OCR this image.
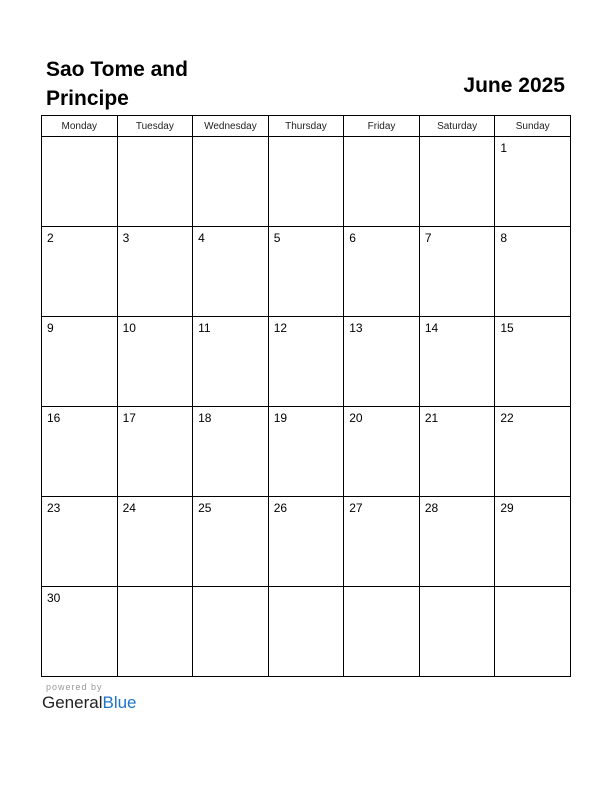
Sao Tome and Principe
June 2025
Monday	Tuesday	Wednesday	Thursday	Friday	Saturday	Sunday

						1

2	3	4	5	6	7	8

9	10	11	12	13	14	15

16	17	18	19	20	21	22

23	24	25	26	27	28	29

30						

powered by
GeneralBlue
